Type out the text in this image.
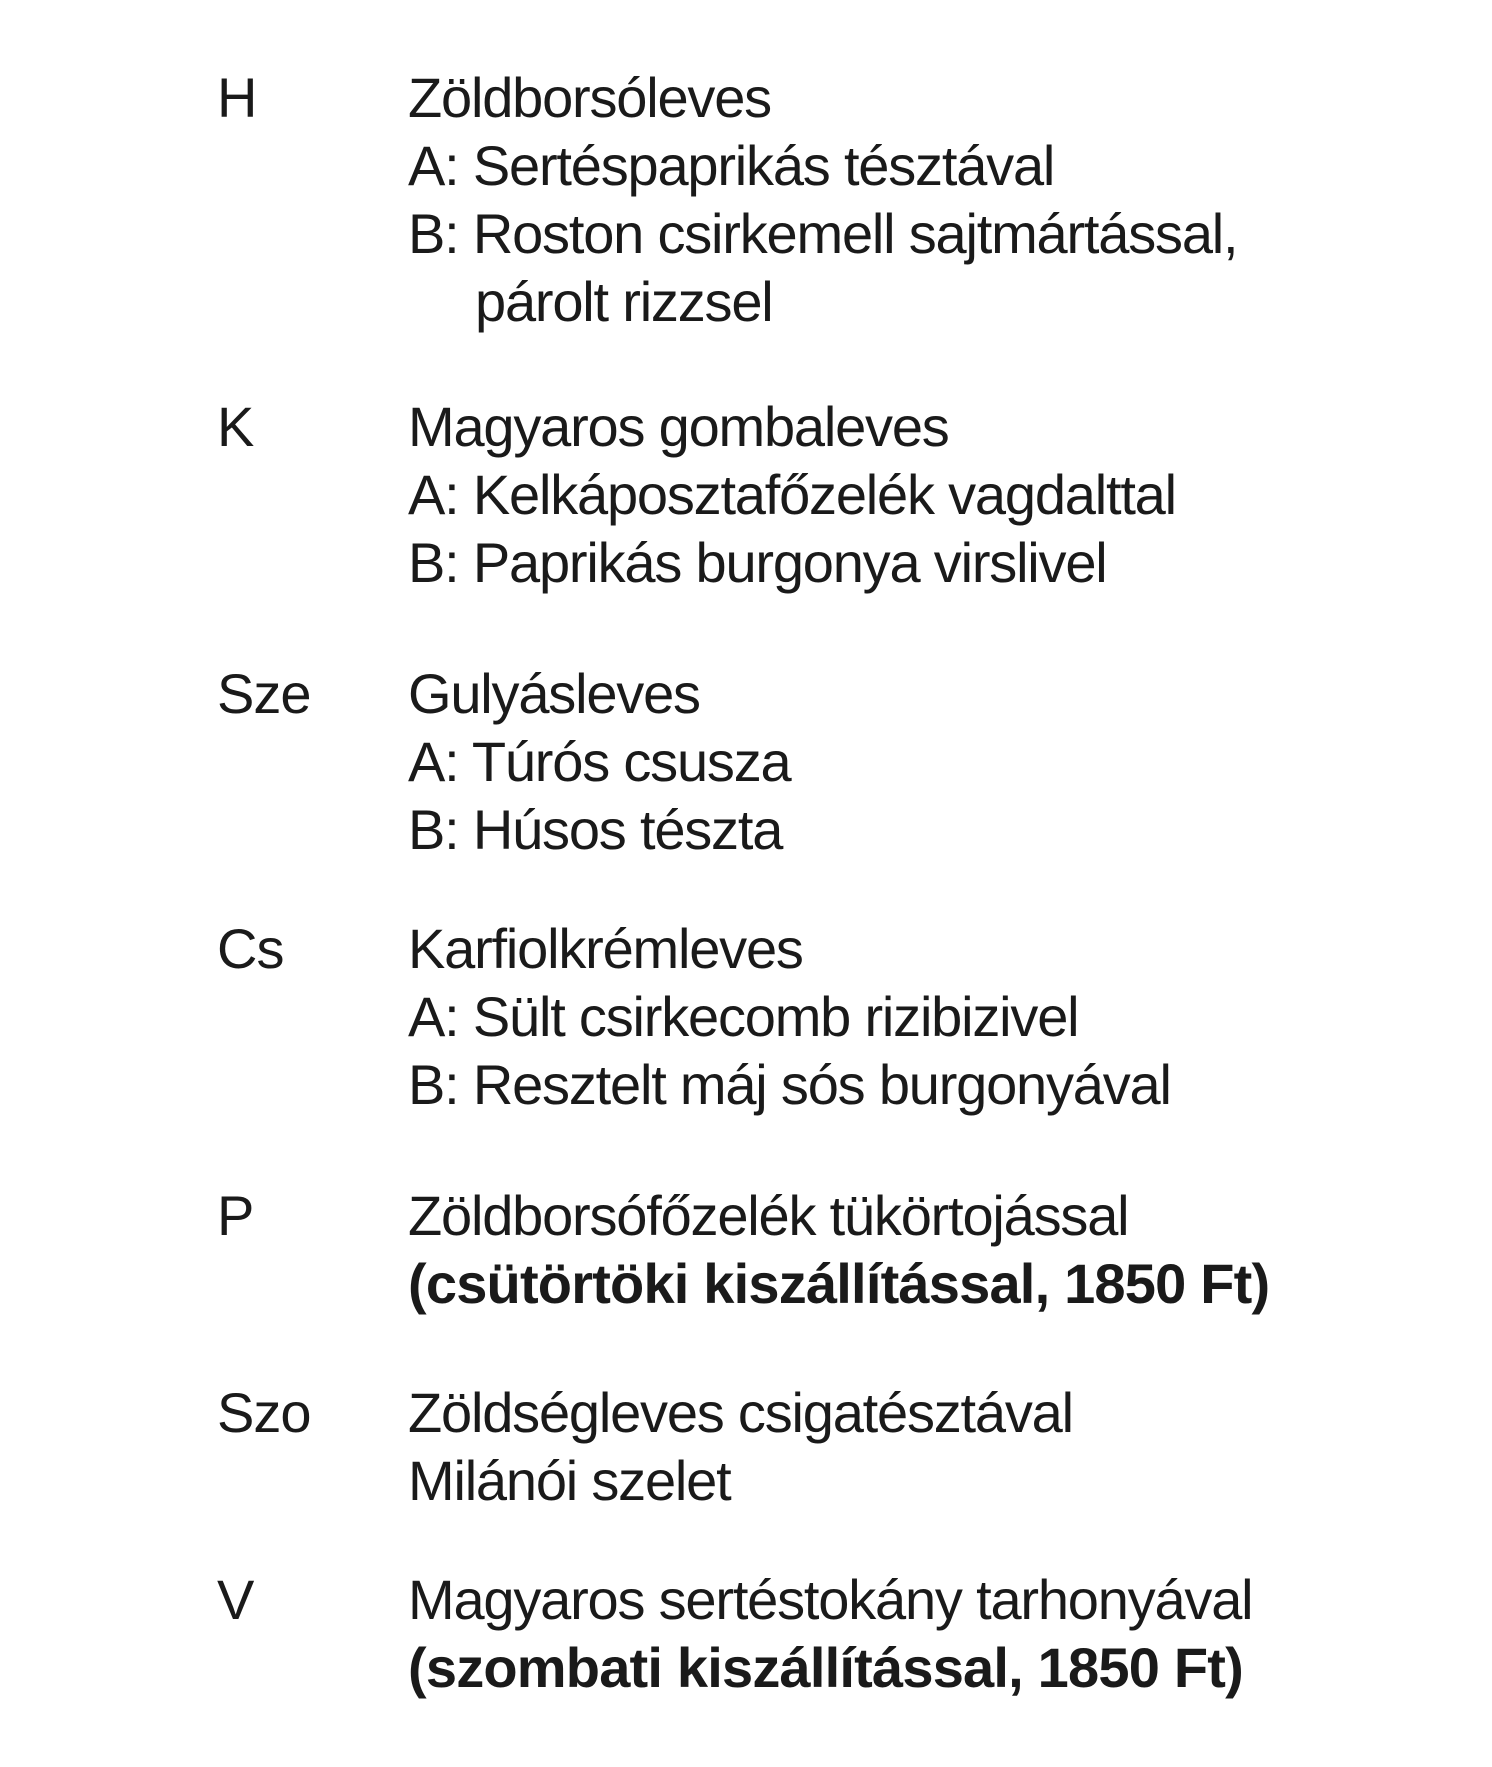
H	Zöldborsóleves
A: Sertéspaprikás tésztával
B: Roston csirkemell sajtmártással,
párolt rizzsel
K	Magyaros gombaleves
A: Kelkáposztafőzelék vagdalttal
B: Paprikás burgonya virslivel
Sze Gulyásleves
A: Túrós csusza
B: Húsos tészta
Cs Karfiolkrémleves
A: Sült csirkecomb rizibizivel
B: Resztelt máj sós burgonyával
P	Zöldborsófőzelék tükörtojással
(csütörtöki kiszállítással, 1850 Ft)
Szo Zöldségleves csigatésztával
Milánói szelet
V	Magyaros sertéstokány tarhonyával
(szombati kiszállítással, 1850 Ft)
